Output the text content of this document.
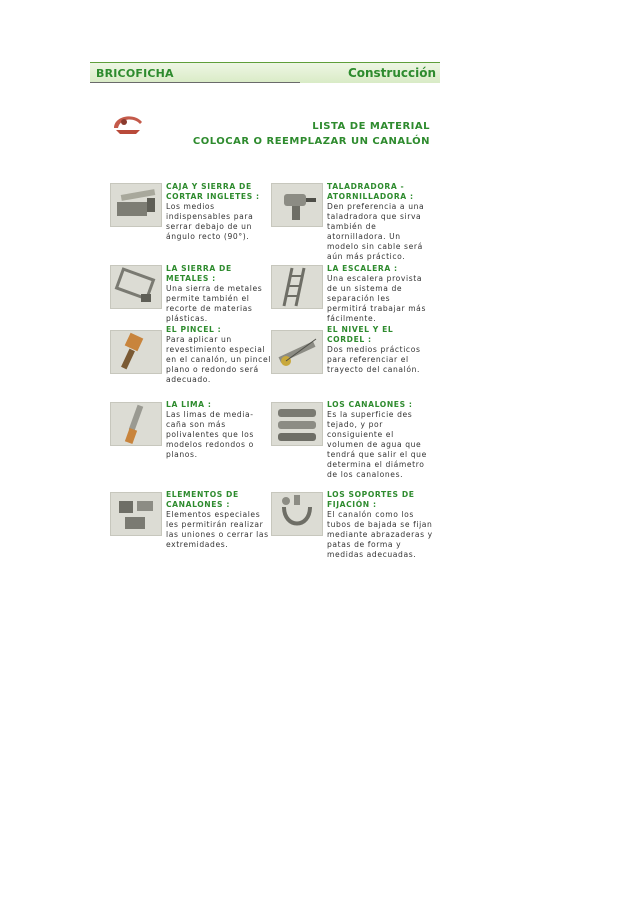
BRICOFICHA	Construcción
LISTA DE MATERIAL
COLOCAR O REEMPLAZAR UN CANALÓN
CAJA Y SIERRA DE CORTAR INGLETES :
Los medios indispensables para serrar debajo de un ángulo recto (90°).
TALADRADORA - ATORNILLADORA :
Den preferencia a una taladradora que sirva también de atornilladora. Un modelo sin cable será aún más práctico.
LA SIERRA DE METALES :
Una sierra de metales permite también el recorte de materias plásticas.
LA ESCALERA :
Una escalera provista de un sistema de separación les permitirá trabajar más fácilmente.
EL PINCEL :
Para aplicar un revestimiento especial en el canalón, un pincel plano o redondo será adecuado.
EL NIVEL Y EL CORDEL :
Dos medios prácticos para referenciar el trayecto del canalón.
LA LIMA :
Las limas de media-caña son más polivalentes que los modelos redondos o planos.
LOS CANALONES :
Es la superficie des tejado, y por consiguiente el volumen de agua que tendrá que salir el que determina el diámetro de los canalones.
ELEMENTOS DE CANALONES :
Elementos especiales les permitirán realizar las uniones o cerrar las extremidades.
LOS SOPORTES DE FIJACIÓN :
El canalón como los tubos de bajada se fijan mediante abrazaderas y patas de forma y medidas adecuadas.
